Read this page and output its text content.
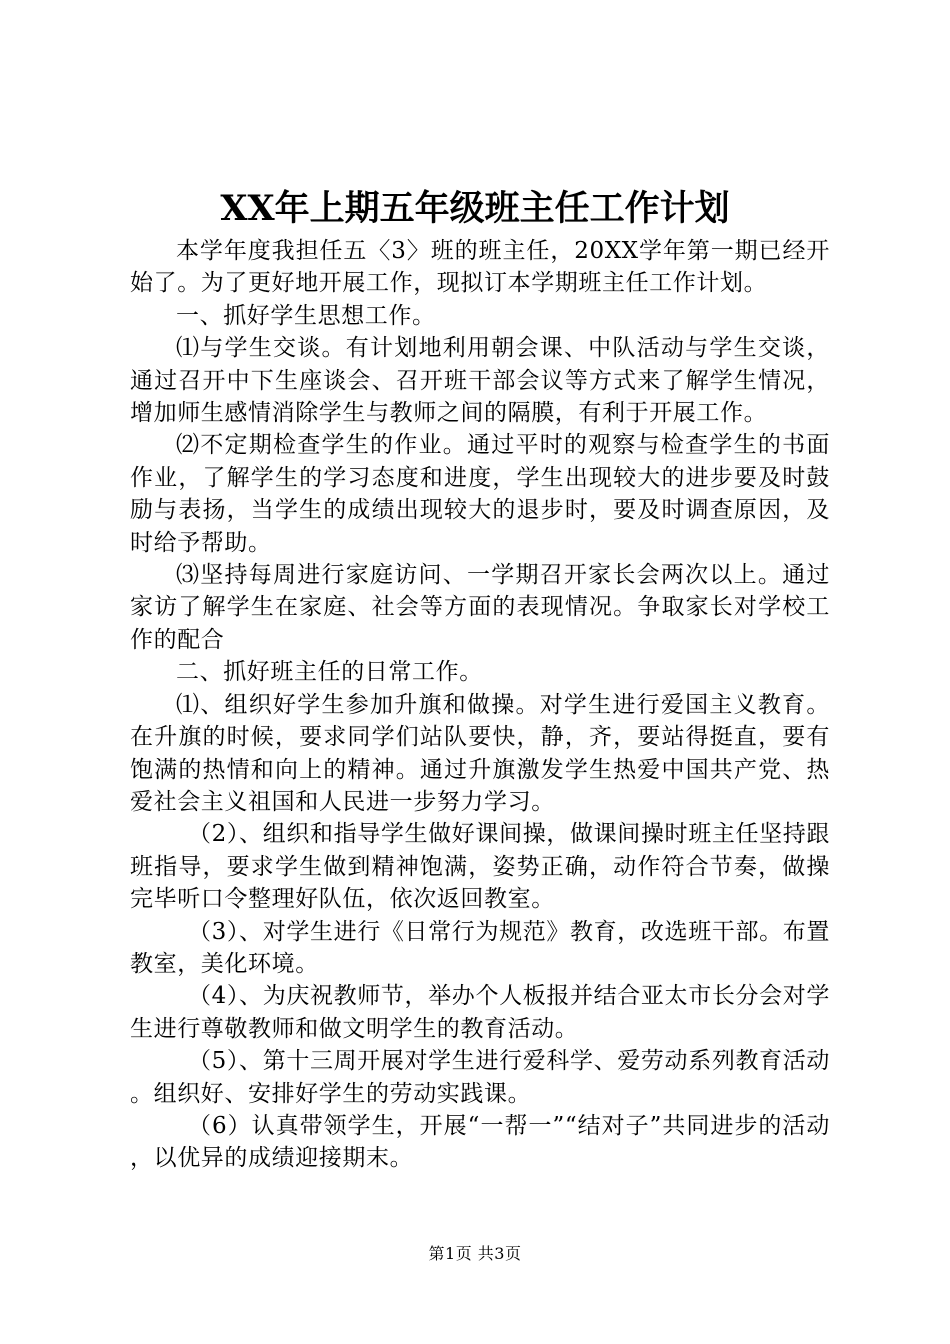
XX年上期五年级班主任工作计划

本学年度我担任五〈3〉班的班主任，20XX学年第一期已经开始了。为了更好地开展工作，现拟订本学期班主任工作计划。

一、抓好学生思想工作。

⑴与学生交谈。有计划地利用朝会课、中队活动与学生交谈，通过召开中下生座谈会、召开班干部会议等方式来了解学生情况，增加师生感情消除学生与教师之间的隔膜，有利于开展工作。

⑵不定期检查学生的作业。通过平时的观察与检查学生的书面作业，了解学生的学习态度和进度，学生出现较大的进步要及时鼓励与表扬，当学生的成绩出现较大的退步时，要及时调查原因，及时给予帮助。

⑶坚持每周进行家庭访问、一学期召开家长会两次以上。通过家访了解学生在家庭、社会等方面的表现情况。争取家长对学校工作的配合

二、抓好班主任的日常工作。

⑴、组织好学生参加升旗和做操。对学生进行爱国主义教育。在升旗的时候，要求同学们站队要快，静，齐，要站得挺直，要有饱满的热情和向上的精神。通过升旗激发学生热爱中国共产党、热爱社会主义祖国和人民进一步努力学习。

（2）、组织和指导学生做好课间操，做课间操时班主任坚持跟班指导，要求学生做到精神饱满，姿势正确，动作符合节奏，做操完毕听口令整理好队伍，依次返回教室。

（3）、对学生进行《日常行为规范》教育，改选班干部。布置教室，美化环境。

（4）、为庆祝教师节，举办个人板报并结合亚太市长分会对学生进行尊敬教师和做文明学生的教育活动。

（5）、第十三周开展对学生进行爱科学、爱劳动系列教育活动。组织好、安排好学生的劳动实践课。

（6）认真带领学生，开展“一帮一”“结对子”共同进步的活动，以优异的成绩迎接期末。

第1页 共3页
